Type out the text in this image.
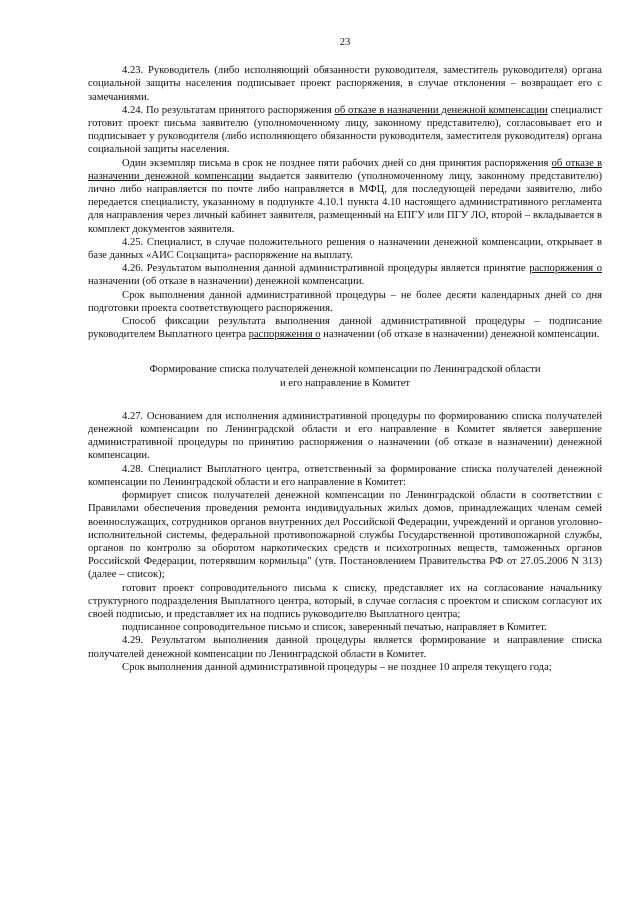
23

4.23. Руководитель (либо исполняющий обязанности руководителя, заместитель руководителя) органа социальной защиты населения подписывает проект распоряжения, в случае отклонения – возвращает его с замечаниями.

4.24. По результатам принятого распоряжения об отказе в назначении денежной компенсации специалист готовит проект письма заявителю (уполномоченному лицу, законному представителю), согласовывает его и подписывает у руководителя (либо исполняющего обязанности руководителя, заместителя руководителя) органа социальной защиты населения.

Один экземпляр письма в срок не позднее пяти рабочих дней со дня принятия распоряжения об отказе в назначении денежной компенсации выдается заявителю (уполномоченному лицу, законному представителю) лично либо направляется по почте либо направляется в МФЦ, для последующей передачи заявителю, либо передается специалисту, указанному в подпункте 4.10.1 пункта 4.10 настоящего административного регламента для направления через личный кабинет заявителя, размещенный на ЕПГУ или ПГУ ЛО, второй – вкладывается в комплект документов заявителя.

4.25. Специалист, в случае положительного решения о назначении денежной компенсации, открывает в базе данных «АИС Соцзащита» распоряжение на выплату.

4.26. Результатом выполнения данной административной процедуры является принятие распоряжения о назначении (об отказе в назначении) денежной компенсации.

Срок выполнения данной административной процедуры – не более десяти календарных дней со дня подготовки проекта соответствующего распоряжения.

Способ фиксации результата выполнения данной административной процедуры – подписание руководителем Выплатного центра распоряжения о назначении (об отказе в назначении) денежной компенсации.

Формирование списка получателей денежной компенсации по Ленинградской области
и его направление в Комитет

4.27. Основанием для исполнения административной процедуры по формированию списка получателей денежной компенсации по Ленинградской области и его направление в Комитет является завершение административной процедуры по принятию распоряжения о назначении (об отказе в назначении) денежной компенсации.

4.28. Специалист Выплатного центра, ответственный за формирование списка получателей денежной компенсации по Ленинградской области и его направление в Комитет:

формирует список получателей денежной компенсации по Ленинградской области в соответствии с Правилами обеспечения проведения ремонта индивидуальных жилых домов, принадлежащих членам семей военнослужащих, сотрудников органов внутренних дел Российской Федерации, учреждений и органов уголовно-исполнительной системы, федеральной противопожарной службы Государственной противопожарной службы, органов по контролю за оборотом наркотических средств и психотропных веществ, таможенных органов Российской Федерации, потерявшим кормильца" (утв. Постановлением Правительства РФ от 27.05.2006 N 313) (далее – список);

готовит проект сопроводительного письма к списку, представляет их на согласование начальнику структурного подразделения Выплатного центра, который, в случае согласия с проектом и списком согласуют их своей подписью, и представляет их на подпись руководителю Выплатного центра;

подписанное сопроводительное письмо и список, заверенный печатью, направляет в Комитет.

4.29. Результатом выполнения данной процедуры является формирование и направление списка получателей денежной компенсации по Ленинградской области в Комитет.

Срок выполнения данной административной процедуры – не позднее 10 апреля текущего года;
